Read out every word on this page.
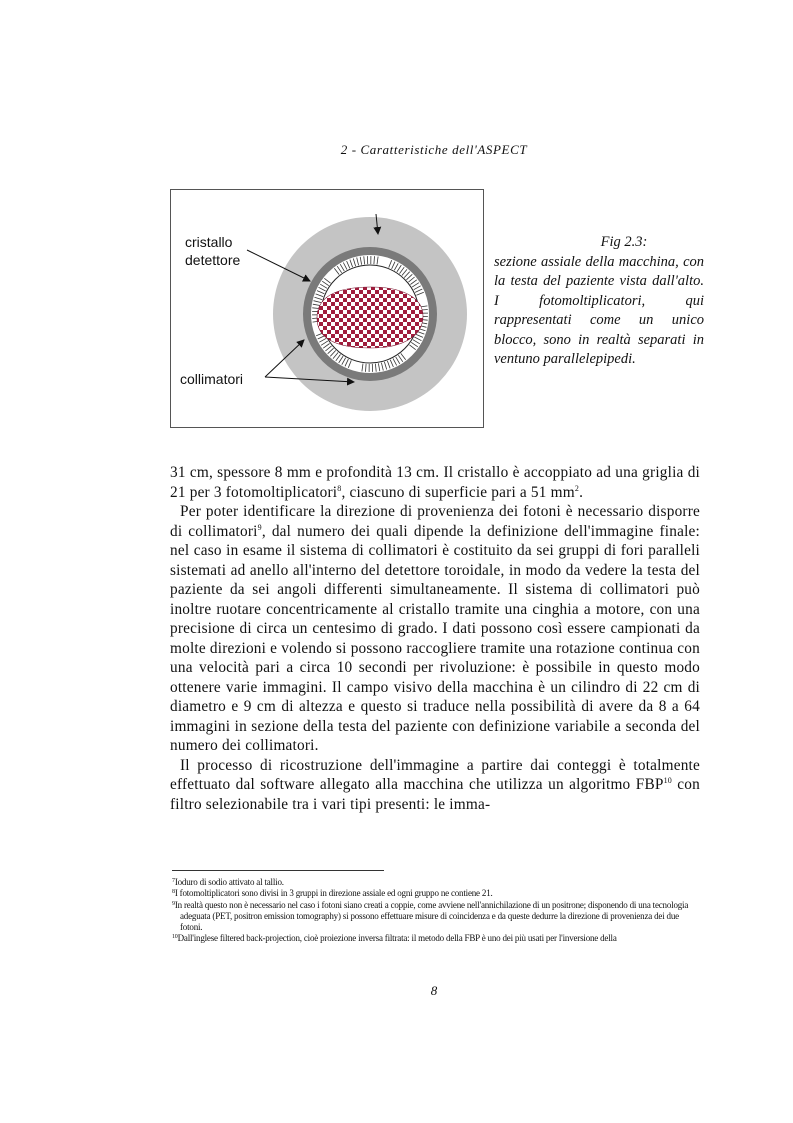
2 - Caratteristiche dell'ASPECT
cristallo
detettore
collimatori
Fig 2.3:
sezione assiale della macchina, con la testa del paziente vista dall'alto. I fotomoltiplicatori, qui rappresentati come un unico blocco, sono in realtà separati in ventuno parallelepipedi.

31 cm, spessore 8 mm e profondità 13 cm. Il cristallo è accoppiato ad una griglia di 21 per 3 fotomoltiplicatori$^8$, ciascuno di superficie pari a 51 $mm^2$.

Per poter identificare la direzione di provenienza dei fotoni è necessario disporre di collimatori$^9$, dal numero dei quali dipende la definizione dell'immagine finale: nel caso in esame il sistema di collimatori è costituito da sei gruppi di fori paralleli sistemati ad anello all'interno del detettore toroidale, in modo da vedere la testa del paziente da sei angoli differenti simultaneamente. Il sistema di collimatori può inoltre ruotare concentricamente al cristallo tramite una cinghia a motore, con una precisione di circa un centesimo di grado. I dati possono così essere campionati da molte direzioni e volendo si possono raccogliere tramite una rotazione continua con una velocità pari a circa 10 secondi per rivoluzione: è possibile in questo modo ottenere varie immagini. Il campo visivo della macchina è un cilindro di 22 cm di diametro e 9 cm di altezza e questo si traduce nella possibilità di avere da 8 a 64 immagini in sezione della testa del paziente con definizione variabile a seconda del numero dei collimatori.

Il processo di ricostruzione dell'immagine a partire dai conteggi è totalmente effettuato dal software allegato alla macchina che utilizza un algoritmo FBP$^{10}$ con filtro selezionabile tra i vari tipi presenti: le imma-

$^7$Ioduro di sodio attivato al tallio.
$^8$I fotomoltiplicatori sono divisi in 3 gruppi in direzione assiale ed ogni gruppo ne contiene 21.
$^9$In realtà questo non è necessario nel caso i fotoni siano creati a coppie, come avviene nell'annichilazione di un positrone; disponendo di una tecnologia adeguata (PET, positron emission tomography) si possono effettuare misure di coincidenza e da queste dedurre la direzione di provenienza dei due fotoni.
$^{10}$Dall'inglese filtered back-projection, cioè proiezione inversa filtrata: il metodo della FBP è uno dei più usati per l'inversione della
8
